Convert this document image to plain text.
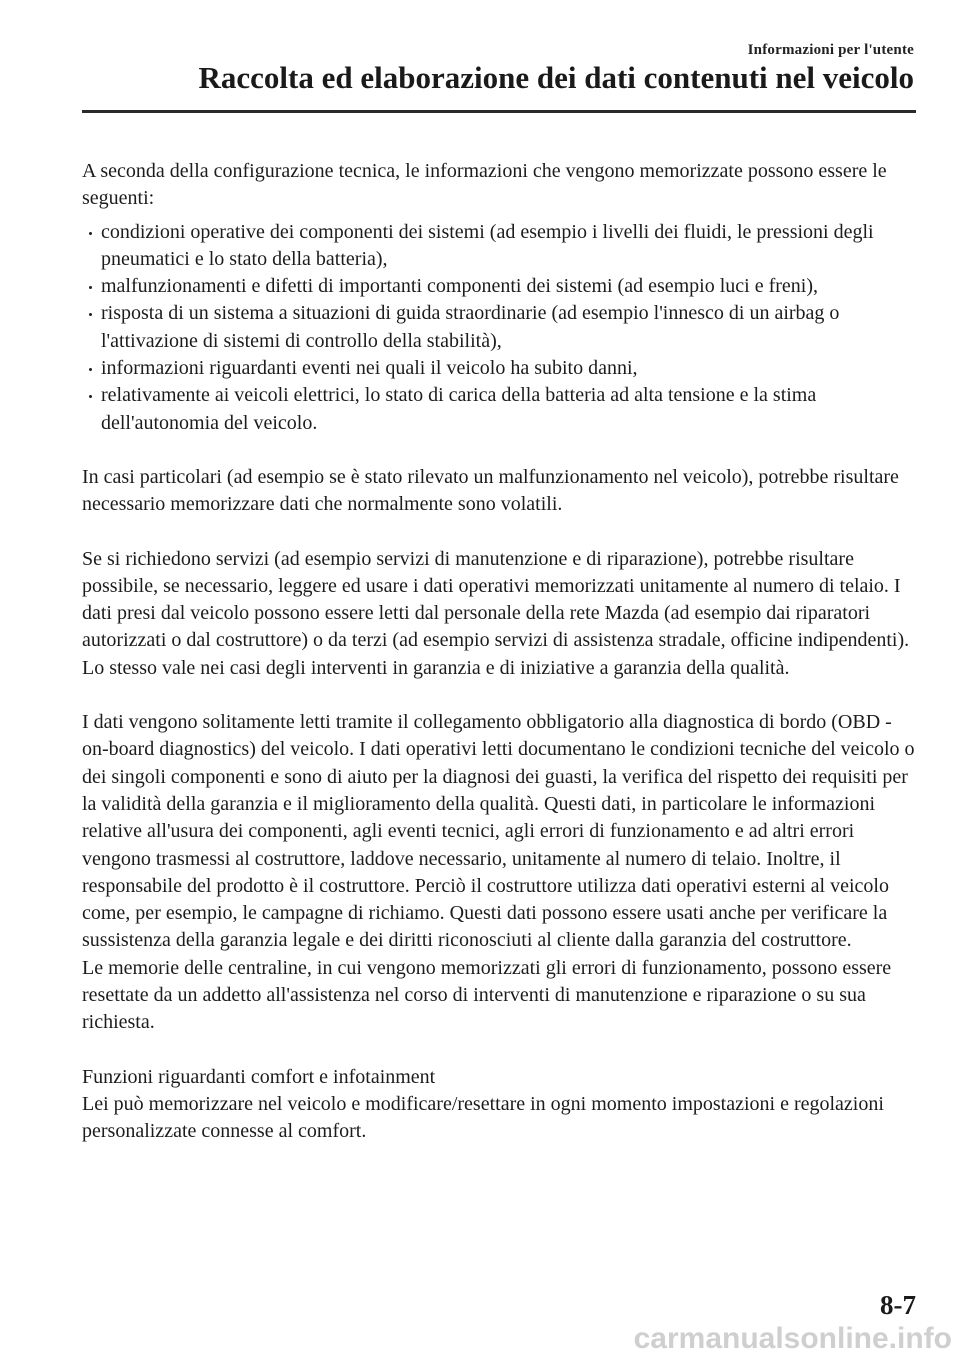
Informazioni per l'utente
Raccolta ed elaborazione dei dati contenuti nel veicolo

A seconda della configurazione tecnica, le informazioni che vengono memorizzate possono essere le seguenti:

condizioni operative dei componenti dei sistemi (ad esempio i livelli dei fluidi, le pressioni degli pneumatici e lo stato della batteria),
malfunzionamenti e difetti di importanti componenti dei sistemi (ad esempio luci e freni),
risposta di un sistema a situazioni di guida straordinarie (ad esempio l'innesco di un airbag o l'attivazione di sistemi di controllo della stabilità),
informazioni riguardanti eventi nei quali il veicolo ha subito danni,
relativamente ai veicoli elettrici, lo stato di carica della batteria ad alta tensione e la stima dell'autonomia del veicolo.

In casi particolari (ad esempio se è stato rilevato un malfunzionamento nel veicolo), potrebbe risultare necessario memorizzare dati che normalmente sono volatili.

Se si richiedono servizi (ad esempio servizi di manutenzione e di riparazione), potrebbe risultare possibile, se necessario, leggere ed usare i dati operativi memorizzati unitamente al numero di telaio. I dati presi dal veicolo possono essere letti dal personale della rete Mazda (ad esempio dai riparatori autorizzati o dal costruttore) o da terzi (ad esempio servizi di assistenza stradale, officine indipendenti). Lo stesso vale nei casi degli interventi in garanzia e di iniziative a garanzia della qualità.

I dati vengono solitamente letti tramite il collegamento obbligatorio alla diagnostica di bordo (OBD - on-board diagnostics) del veicolo. I dati operativi letti documentano le condizioni tecniche del veicolo o dei singoli componenti e sono di aiuto per la diagnosi dei guasti, la verifica del rispetto dei requisiti per la validità della garanzia e il miglioramento della qualità. Questi dati, in particolare le informazioni relative all'usura dei componenti, agli eventi tecnici, agli errori di funzionamento e ad altri errori vengono trasmessi al costruttore, laddove necessario, unitamente al numero di telaio. Inoltre, il responsabile del prodotto è il costruttore. Perciò il costruttore utilizza dati operativi esterni al veicolo come, per esempio, le campagne di richiamo. Questi dati possono essere usati anche per verificare la sussistenza della garanzia legale e dei diritti riconosciuti al cliente dalla garanzia del costruttore.

Le memorie delle centraline, in cui vengono memorizzati gli errori di funzionamento, possono essere resettate da un addetto all'assistenza nel corso di interventi di manutenzione e riparazione o su sua richiesta.

Funzioni riguardanti comfort e infotainment

Lei può memorizzare nel veicolo e modificare/resettare in ogni momento impostazioni e regolazioni personalizzate connesse al comfort.

8-7
carmanualsonline.info
